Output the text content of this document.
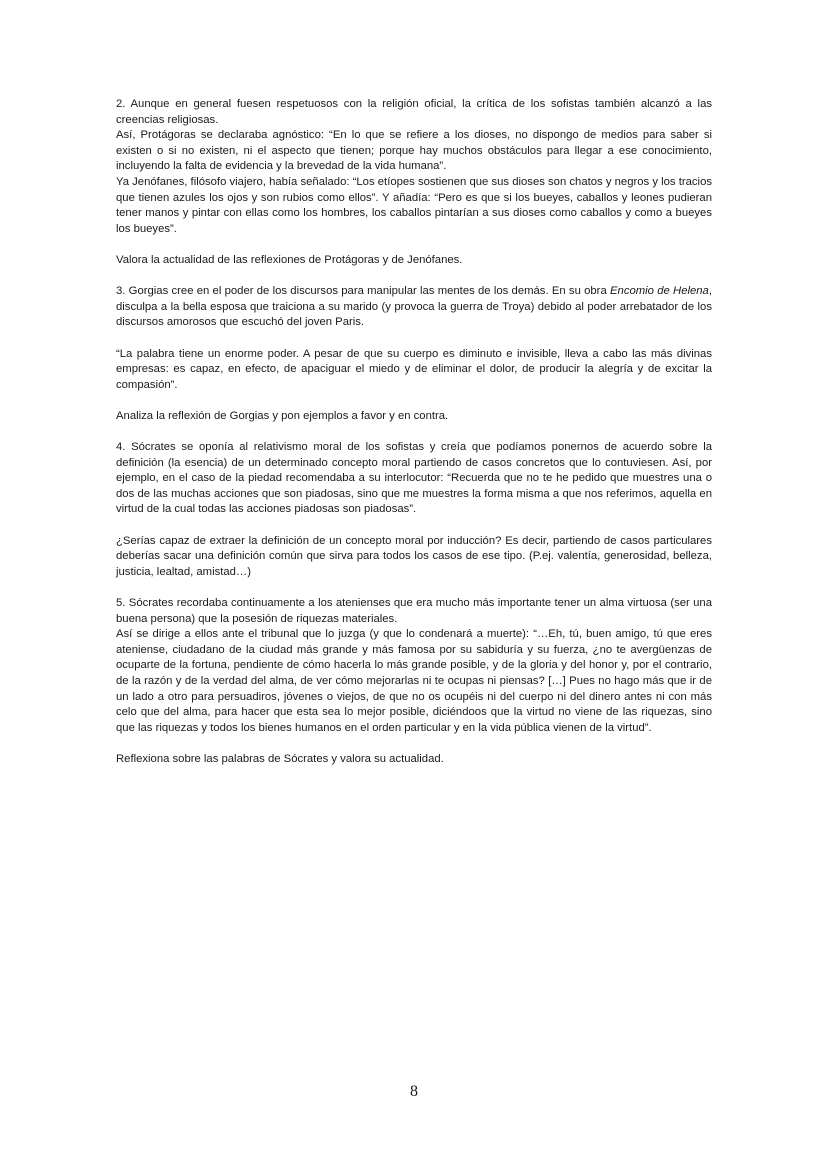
2. Aunque en general fuesen respetuosos con la religión oficial, la crítica de los sofistas también alcanzó a las creencias religiosas.

Así, Protágoras se declaraba agnóstico: “En lo que se refiere a los dioses, no dispongo de medios para saber si existen o si no existen, ni el aspecto que tienen; porque hay muchos obstáculos para llegar a ese conocimiento, incluyendo la falta de evidencia y la brevedad de la vida humana”.

Ya Jenófanes, filósofo viajero, había señalado: “Los etíopes sostienen que sus dioses son chatos y negros y los tracios que tienen azules los ojos y son rubios como ellos”. Y añadía: “Pero es que si los bueyes, caballos y leones pudieran tener manos y pintar con ellas como los hombres, los caballos pintarían a sus dioses como caballos y como a bueyes los bueyes”.

Valora la actualidad de las reflexiones de Protágoras y de Jenófanes.

3. Gorgias cree en el poder de los discursos para manipular las mentes de los demás. En su obra Encomio de Helena, disculpa a la bella esposa que traiciona a su marido (y provoca la guerra de Troya) debido al poder arrebatador de los discursos amorosos que escuchó del joven Paris.

“La palabra tiene un enorme poder. A pesar de que su cuerpo es diminuto e invisible, lleva a cabo las más divinas empresas: es capaz, en efecto, de apaciguar el miedo y de eliminar el dolor, de producir la alegría y de excitar la compasión”.

Analiza la reflexión de Gorgias y pon ejemplos a favor y en contra.

4. Sócrates se oponía al relativismo moral de los sofistas y creía que podíamos ponernos de acuerdo sobre la definición (la esencia) de un determinado concepto moral partiendo de casos concretos que lo contuviesen. Así, por ejemplo, en el caso de la piedad recomendaba a su interlocutor: “Recuerda que no te he pedido que muestres una o dos de las muchas acciones que son piadosas, sino que me muestres la forma misma a que nos referimos, aquella en virtud de la cual todas las acciones piadosas son piadosas”.

¿Serías capaz de extraer la definición de un concepto moral por inducción? Es decir, partiendo de casos particulares deberías sacar una definición común que sirva para todos los casos de ese tipo. (P.ej. valentía, generosidad, belleza, justicia, lealtad, amistad…)

5. Sócrates recordaba continuamente a los atenienses que era mucho más importante tener un alma virtuosa (ser una buena persona) que la posesión de riquezas materiales.

Así se dirige a ellos ante el tribunal que lo juzga (y que lo condenará a muerte): “…Eh, tú, buen amigo, tú que eres ateniense, ciudadano de la ciudad más grande y más famosa por su sabiduría y su fuerza, ¿no te avergüenzas de ocuparte de la fortuna, pendiente de cómo hacerla lo más grande posible, y de la gloria y del honor y, por el contrario, de la razón y de la verdad del alma, de ver cómo mejorarlas ni te ocupas ni piensas? […] Pues no hago más que ir de un lado a otro para persuadiros, jóvenes o viejos, de que no os ocupéis ni del cuerpo ni del dinero antes ni con más celo que del alma, para hacer que esta sea lo mejor posible, diciéndoos que la virtud no viene de las riquezas, sino que las riquezas y todos los bienes humanos en el orden particular y en la vida pública vienen de la virtud”.

Reflexiona sobre las palabras de Sócrates y valora su actualidad.

8
